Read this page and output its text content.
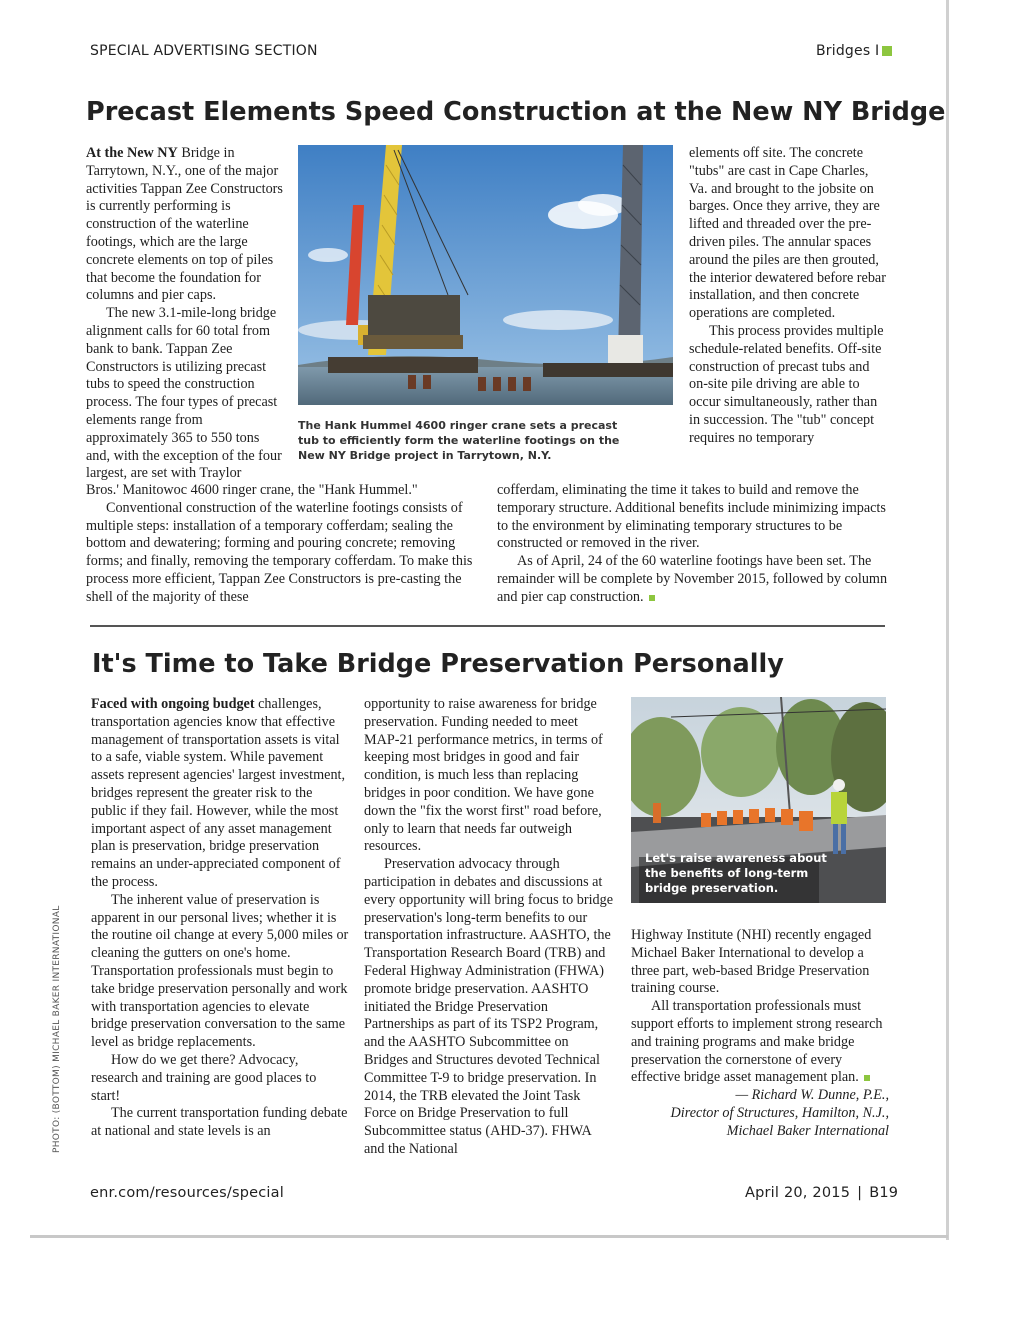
SPECIAL ADVERTISING SECTION	Bridges I
Precast Elements Speed Construction at the New NY Bridge

At the New NY Bridge in Tarrytown, N.Y., one of the major activities Tappan Zee Constructors is currently performing is construction of the waterline footings, which are the large concrete elements on top of piles that become the foundation for columns and pier caps.

The new 3.1-mile-long bridge alignment calls for 60 total from bank to bank. Tappan Zee Constructors is utilizing precast tubs to speed the construction process. The four types of precast elements range from approximately 365 to 550 tons and, with the exception of the four largest, are set with Traylor

The Hank Hummel 4600 ringer crane sets a precast tub to efficiently form the waterline footings on the New NY Bridge project in Tarrytown, N.Y.

elements off site. The concrete "tubs" are cast in Cape Charles, Va. and brought to the jobsite on barges. Once they arrive, they are lifted and threaded over the pre-driven piles. The annular spaces around the piles are then grouted, the interior dewatered before rebar installation, and then concrete operations are completed.

This process provides multiple schedule-related benefits. Off-site construction of precast tubs and on-site pile driving are able to occur simultaneously, rather than in succession. The "tub" concept requires no temporary

Bros.' Manitowoc 4600 ringer crane, the "Hank Hummel."

Conventional construction of the waterline footings consists of multiple steps: installation of a temporary cofferdam; sealing the bottom and dewatering; forming and pouring concrete; removing forms; and finally, removing the temporary cofferdam. To make this process more efficient, Tappan Zee Constructors is pre-casting the shell of the majority of these

cofferdam, eliminating the time it takes to build and remove the temporary structure. Additional benefits include minimizing impacts to the environment by eliminating temporary structures to be constructed or removed in the river.

As of April, 24 of the 60 waterline footings have been set. The remainder will be complete by November 2015, followed by column and pier cap construction.

It's Time to Take Bridge Preservation Personally

Faced with ongoing budget challenges, transportation agencies know that effective management of transportation assets is vital to a safe, viable system. While pavement assets represent agencies' largest investment, bridges represent the greater risk to the public if they fail. However, while the most important aspect of any asset management plan is preservation, bridge preservation remains an under-appreciated component of the process.

The inherent value of preservation is apparent in our personal lives; whether it is the routine oil change at every 5,000 miles or cleaning the gutters on one's home. Transportation professionals must begin to take bridge preservation personally and work with transportation agencies to elevate bridge preservation conversation to the same level as bridge replacements.

How do we get there? Advocacy, research and training are good places to start!

The current transportation funding debate at national and state levels is an

opportunity to raise awareness for bridge preservation. Funding needed to meet MAP-21 performance metrics, in terms of keeping most bridges in good and fair condition, is much less than replacing bridges in poor condition. We have gone down the "fix the worst first" road before, only to learn that needs far outweigh resources.

Preservation advocacy through participation in debates and discussions at every opportunity will bring focus to bridge preservation's long-term benefits to our transportation infrastructure. AASHTO, the Transportation Research Board (TRB) and Federal Highway Administration (FHWA) promote bridge preservation. AASHTO initiated the Bridge Preservation Partnerships as part of its TSP2 Program, and the AASHTO Subcommittee on Bridges and Structures devoted Technical Committee T-9 to bridge preservation. In 2014, the TRB elevated the Joint Task Force on Bridge Preservation to full Subcommittee status (AHD-37). FHWA and the National

Let's raise awareness about the benefits of long-term bridge preservation.

Highway Institute (NHI) recently engaged Michael Baker International to develop a three part, web-based Bridge Preservation training course.

All transportation professionals must support efforts to implement strong research and training programs and make bridge preservation the cornerstone of every effective bridge asset management plan.

— Richard W. Dunne, P.E.,

Director of Structures, Hamilton, N.J.,

Michael Baker International

PHOTO: (BOTTOM) MICHAEL BAKER INTERNATIONAL
enr.com/resources/special	April 20, 2015 | B19
